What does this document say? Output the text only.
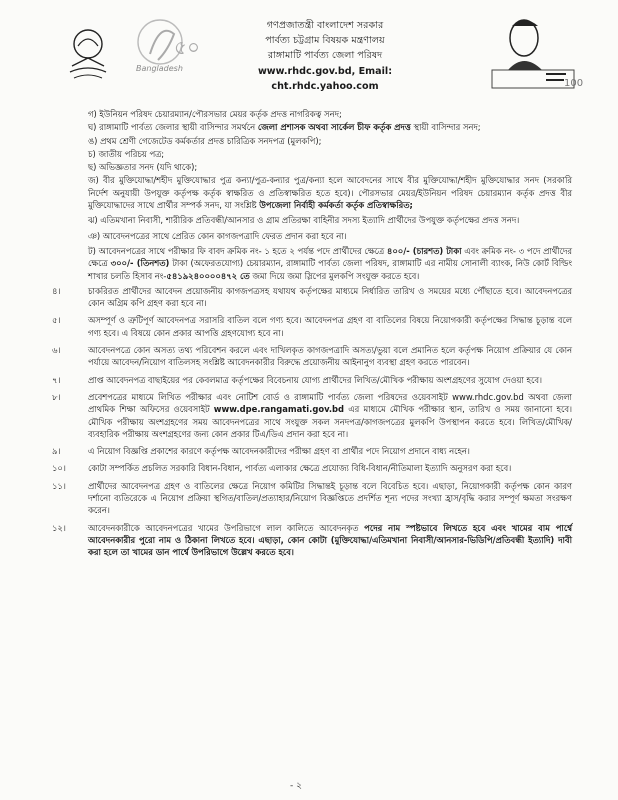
৫০
Bangladesh
গণপ্রজাতন্ত্রী বাংলাদেশ সরকার
পার্বত্য চট্টগ্রাম বিষয়ক মন্ত্রণালয়
রাঙ্গামাটি পার্বত্য জেলা পরিষদ
www.rhdc.gov.bd, Email: cht.rhdc.yahoo.com	100
গ) ইউনিয়ন পরিষদ চেয়ারম্যান/পৌরসভার মেয়র কর্তৃক প্রদত্ত নাগরিকত্ব সনদ;
ঘ) রাঙ্গামাটি পার্বত্য জেলার স্থায়ী বাসিন্দার সমর্থনে জেলা প্রশাসক অথবা সার্কেল চীফ কর্তৃক প্রদত্ত স্থায়ী বাসিন্দার সনদ;
ঙ) প্রথম শ্রেণী গেজেটেড কর্মকর্তার প্রদত্ত চারিত্রিক সনদপত্র (মুলকপি);
চ) জাতীয় পরিচয় পত্র;
ছ) অভিজ্ঞতার সনদ (যদি থাকে);
জ) বীর মুক্তিযোদ্ধা/শহীদ মুক্তিযোদ্ধার পুত্র কন্যা/পুত্র-কন্যার পুত্র/কন্যা হলে আবেদনের সাথে বীর মুক্তিযোদ্ধা/শহীদ মুক্তিযোদ্ধার সনদ (সরকারি নির্দেশ অনুযায়ী উপযুক্ত কর্তৃপক্ষ কর্তৃক স্বাক্ষরিত ও প্রতিস্বাক্ষরিত হতে হবে)। পৌরসভার মেয়র/ইউনিয়ন পরিষদ চেয়ারম্যান কর্তৃক প্রদত্ত বীর মুক্তিযোদ্ধাদের সাথে প্রার্থীর সম্পর্ক সনদ, যা সংশ্লিষ্ট উপজেলা নির্বাহী কর্মকর্তা কর্তৃক প্রতিস্বাক্ষরিত;
ঝ) এতিমখানা নিবাসী, শারীরিক প্রতিবন্ধী/আনসার ও গ্রাম প্রতিরক্ষা বাহিনীর সদস্য ইত্যাদি প্রার্থীদের উপযুক্ত কর্তৃপক্ষের প্রদত্ত সনদ।
ঞ) আবেদনপত্রের সাথে প্রেরিত কোন কাগজপত্রাদি ফেরত প্রদান করা হবে না।
ট) আবেদনপত্রের সাথে পরীক্ষার ফি বাবদ ক্রমিক নং- ১ হতে ২ পর্যন্ত পদে প্রার্থীদের ক্ষেত্রে ৪০০/- (চারশত) টাকা এবং ক্রমিক নং- ৩ পদে প্রার্থীদের ক্ষেত্রে ৩০০/- (তিনশত) টাকা (অফেরতযোগ্য) চেয়ারম্যান, রাঙ্গামাটি পার্বত্য জেলা পরিষদ, রাঙ্গামাটি এর নামীয় সোনালী ব্যাংক, নিউ কোর্ট বিল্ডিং শাখার চলতি হিসাব নং-৫৪১৯২৪০০০০৪৭২ তে জমা দিয়ে জমা স্লিপের মুলকপি সংযুক্ত করতে হবে।
৪।	চাকরিরত প্রার্থীদের আবেদন প্রয়োজনীয় কাগজপত্রসহ যথাযথ কর্তৃপক্ষের মাধ্যমে নির্ধারিত তারিখ ও সময়ের মধ্যে পৌঁছাতে হবে। আবেদনপত্রের কোন অগ্রিম কপি গ্রহণ করা হবে না।
৫।	অসম্পূর্ণ ও ত্রুটিপূর্ণ আবেদনপত্র সরাসরি বাতিল বলে গণ্য হবে। আবেদনপত্র গ্রহণ বা বাতিলের বিষয়ে নিয়োগকারী কর্তৃপক্ষের সিদ্ধান্ত চূড়ান্ত বলে গণ্য হবে। এ বিষয়ে কোন প্রকার আপত্তি গ্রহণযোগ্য হবে না।
৬।	আবেদনপত্রে কোন অসত্য তথ্য পরিবেশন করলে এবং দাখিলকৃত কাগজপত্রাদি অসত্য/ভুয়া বলে প্রমানিত হলে কর্তৃপক্ষ নিয়োগ প্রক্রিয়ার যে কোন পর্যায়ে আবেদন/নিয়োগ বাতিলসহ সংশ্লিষ্ট আবেদনকারীর বিরুদ্ধে প্রয়োজনীয় আইনানুগ ব্যবস্থা গ্রহণ করতে পারবেন।
৭।	প্রাপ্ত আবেদনপত্র বাছাইয়ের পর কেবলমাত্র কর্তৃপক্ষের বিবেচনায় যোগ্য প্রার্থীদের লিখিত/মৌখিক পরীক্ষায় অংশগ্রহণের সুযোগ দেওয়া হবে।
৮।	প্রবেশপত্রের মাধ্যমে লিখিত পরীক্ষার এবং নোটিশ বোর্ড ও রাঙ্গামাটি পার্বত্য জেলা পরিষদের ওয়েবসাইট www.rhdc.gov.bd অথবা জেলা প্রাথমিক শিক্ষা অফিসের ওয়েবসাইট www.dpe.rangamati.gov.bd এর মাধ্যমে মৌখিক পরীক্ষার স্থান, তারিখ ও সময় জানানো হবে। মৌখিক পরীক্ষায় অংশগ্রহণের সময় আবেদনপত্রের সাথে সংযুক্ত সকল সনদপত্র/কাগজপত্রের মুলকপি উপস্থাপন করতে হবে। লিখিত/মৌখিক/ব্যবহারিক পরীক্ষায় অংশগ্রহণের জন্য কোন প্রকার টিএ/ডিএ প্রদান করা হবে না।
৯।	এ নিয়োগ বিজ্ঞপ্তি প্রকাশের কারণে কর্তৃপক্ষ আবেদনকারীদের পরীক্ষা গ্রহণ বা প্রার্থীর পদে নিয়োগ প্রদানে বাধ্য নহেন।
১০।	কোটা সম্পর্কিত প্রচলিত সরকারি বিধান-বিধান, পার্বত্য এলাকার ক্ষেত্রে প্রযোজ্য বিধি-বিধান/নীতিমালা ইত্যাদি অনুসরণ করা হবে।
১১।	প্রার্থীদের আবেদনপত্র গ্রহণ ও বাতিলের ক্ষেত্রে নিয়োগ কমিটির সিদ্ধান্তই চূড়ান্ত বলে বিবেচিত হবে। এছাড়া, নিয়োগকারী কর্তৃপক্ষ কোন কারণ দর্শানো ব্যতিরেকে এ নিয়োগ প্রক্রিয়া স্থগিত/বাতিল/প্রত্যাহার/নিয়োগ বিজ্ঞপ্তিতে প্রদর্শিত শূন্য পদের সংখ্যা হ্রাস/বৃদ্ধি করার সম্পূর্ণ ক্ষমতা সংরক্ষণ করেন।
১২।	আবেদনকারীকে আবেদনপত্রের খামের উপরিভাগে লাল কালিতে আবেদনকৃত পদের নাম স্পষ্টভাবে লিখতে হবে এবং খামের বাম পার্শ্বে আবেদনকারীর পুরো নাম ও ঠিকানা লিখতে হবে। এছাড়া, কোন কোটা (মুক্তিযোদ্ধা/এতিমখানা নিবাসী/আনসার-ভিডিপি/প্রতিবন্ধী ইত্যাদি) দাবী করা হলে তা খামের ডান পার্শ্বে উপরিভাগে উল্লেখ করতে হবে।
- ২
